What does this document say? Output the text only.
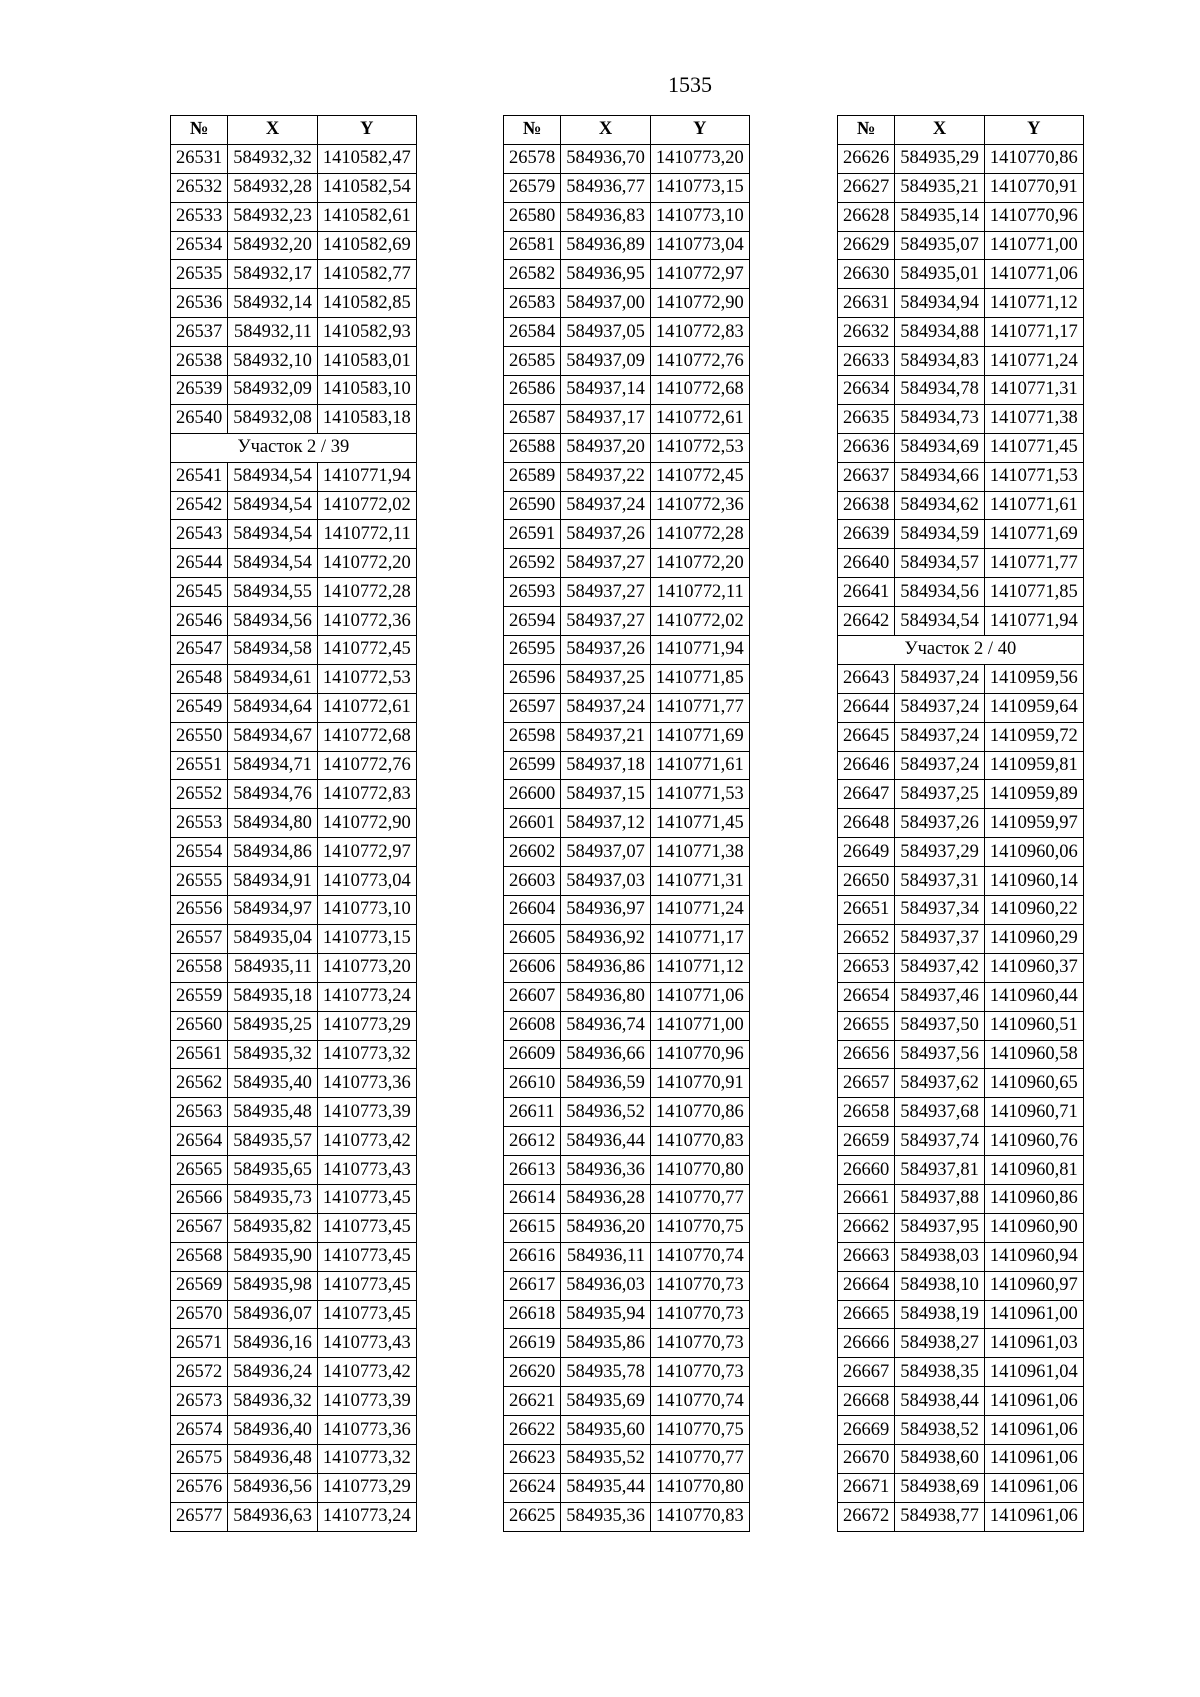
1535
№	X	Y
26531	584932,32	1410582,47
26532	584932,28	1410582,54
26533	584932,23	1410582,61
26534	584932,20	1410582,69
26535	584932,17	1410582,77
26536	584932,14	1410582,85
26537	584932,11	1410582,93
26538	584932,10	1410583,01
26539	584932,09	1410583,10
26540	584932,08	1410583,18
Участок 2 / 39		
26541	584934,54	1410771,94
26542	584934,54	1410772,02
26543	584934,54	1410772,11
26544	584934,54	1410772,20
26545	584934,55	1410772,28
26546	584934,56	1410772,36
26547	584934,58	1410772,45
26548	584934,61	1410772,53
26549	584934,64	1410772,61
26550	584934,67	1410772,68
26551	584934,71	1410772,76
26552	584934,76	1410772,83
26553	584934,80	1410772,90
26554	584934,86	1410772,97
26555	584934,91	1410773,04
26556	584934,97	1410773,10
26557	584935,04	1410773,15
26558	584935,11	1410773,20
26559	584935,18	1410773,24
26560	584935,25	1410773,29
26561	584935,32	1410773,32
26562	584935,40	1410773,36
26563	584935,48	1410773,39
26564	584935,57	1410773,42
26565	584935,65	1410773,43
26566	584935,73	1410773,45
26567	584935,82	1410773,45
26568	584935,90	1410773,45
26569	584935,98	1410773,45
26570	584936,07	1410773,45
26571	584936,16	1410773,43
26572	584936,24	1410773,42
26573	584936,32	1410773,39
26574	584936,40	1410773,36
26575	584936,48	1410773,32
26576	584936,56	1410773,29
26577	584936,63	1410773,24
№	X	Y
26578	584936,70	1410773,20
26579	584936,77	1410773,15
26580	584936,83	1410773,10
26581	584936,89	1410773,04
26582	584936,95	1410772,97
26583	584937,00	1410772,90
26584	584937,05	1410772,83
26585	584937,09	1410772,76
26586	584937,14	1410772,68
26587	584937,17	1410772,61
26588	584937,20	1410772,53
26589	584937,22	1410772,45
26590	584937,24	1410772,36
26591	584937,26	1410772,28
26592	584937,27	1410772,20
26593	584937,27	1410772,11
26594	584937,27	1410772,02
26595	584937,26	1410771,94
26596	584937,25	1410771,85
26597	584937,24	1410771,77
26598	584937,21	1410771,69
26599	584937,18	1410771,61
26600	584937,15	1410771,53
26601	584937,12	1410771,45
26602	584937,07	1410771,38
26603	584937,03	1410771,31
26604	584936,97	1410771,24
26605	584936,92	1410771,17
26606	584936,86	1410771,12
26607	584936,80	1410771,06
26608	584936,74	1410771,00
26609	584936,66	1410770,96
26610	584936,59	1410770,91
26611	584936,52	1410770,86
26612	584936,44	1410770,83
26613	584936,36	1410770,80
26614	584936,28	1410770,77
26615	584936,20	1410770,75
26616	584936,11	1410770,74
26617	584936,03	1410770,73
26618	584935,94	1410770,73
26619	584935,86	1410770,73
26620	584935,78	1410770,73
26621	584935,69	1410770,74
26622	584935,60	1410770,75
26623	584935,52	1410770,77
26624	584935,44	1410770,80
26625	584935,36	1410770,83
№	X	Y
26626	584935,29	1410770,86
26627	584935,21	1410770,91
26628	584935,14	1410770,96
26629	584935,07	1410771,00
26630	584935,01	1410771,06
26631	584934,94	1410771,12
26632	584934,88	1410771,17
26633	584934,83	1410771,24
26634	584934,78	1410771,31
26635	584934,73	1410771,38
26636	584934,69	1410771,45
26637	584934,66	1410771,53
26638	584934,62	1410771,61
26639	584934,59	1410771,69
26640	584934,57	1410771,77
26641	584934,56	1410771,85
26642	584934,54	1410771,94
Участок 2 / 40		
26643	584937,24	1410959,56
26644	584937,24	1410959,64
26645	584937,24	1410959,72
26646	584937,24	1410959,81
26647	584937,25	1410959,89
26648	584937,26	1410959,97
26649	584937,29	1410960,06
26650	584937,31	1410960,14
26651	584937,34	1410960,22
26652	584937,37	1410960,29
26653	584937,42	1410960,37
26654	584937,46	1410960,44
26655	584937,50	1410960,51
26656	584937,56	1410960,58
26657	584937,62	1410960,65
26658	584937,68	1410960,71
26659	584937,74	1410960,76
26660	584937,81	1410960,81
26661	584937,88	1410960,86
26662	584937,95	1410960,90
26663	584938,03	1410960,94
26664	584938,10	1410960,97
26665	584938,19	1410961,00
26666	584938,27	1410961,03
26667	584938,35	1410961,04
26668	584938,44	1410961,06
26669	584938,52	1410961,06
26670	584938,60	1410961,06
26671	584938,69	1410961,06
26672	584938,77	1410961,06
